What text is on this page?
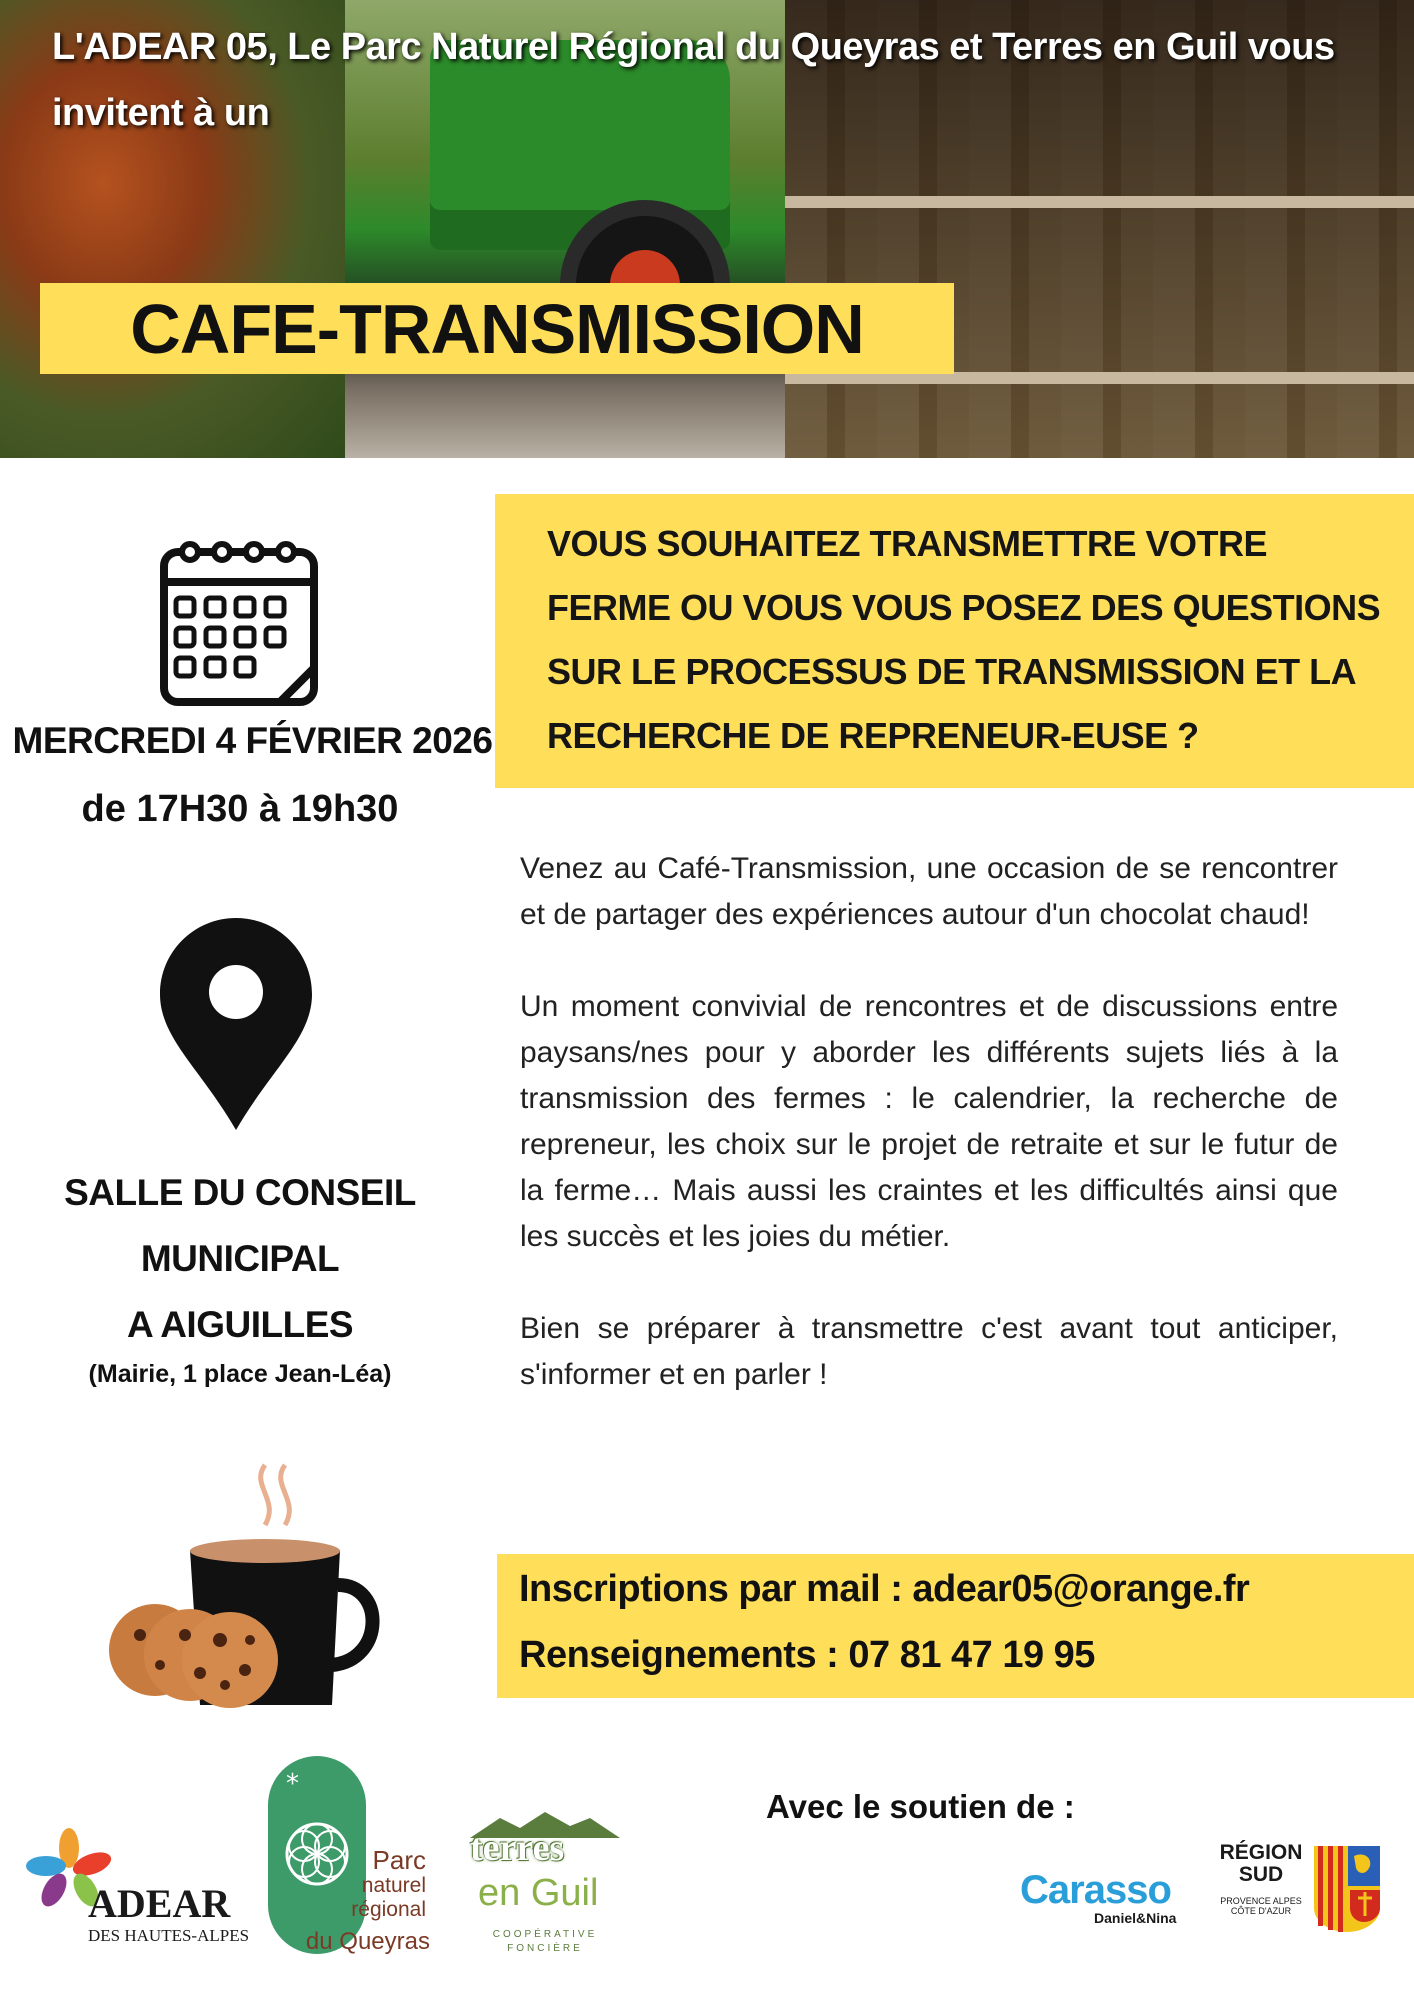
L'ADEAR 05, Le Parc Naturel Régional du Queyras et Terres en Guil vous invitent à un

CAFE-TRANSMISSION

VOUS SOUHAITEZ TRANSMETTRE VOTRE FERME OU VOUS VOUS POSEZ DES QUESTIONS SUR LE PROCESSUS DE TRANSMISSION ET LA RECHERCHE DE REPRENEUR-EUSE ?

MERCREDI 4 FÉVRIER 2026
de 17H30 à 19h30
SALLE DU CONSEIL
MUNICIPAL
A AIGUILLES
(Mairie, 1 place Jean-Léa)

Venez au Café-Transmission, une occasion de se rencontrer et de partager des expériences autour d'un chocolat chaud!

Un moment convivial de rencontres et de discussions entre paysans/nes pour y aborder les différents sujets liés à la transmission des fermes : le calendrier, la recherche de repreneur, les choix sur le projet de retraite et sur le futur de la ferme… Mais aussi les craintes et les difficultés ainsi que les succès et les joies du métier.

Bien se préparer à transmettre c'est avant tout anticiper, s'informer et en parler !

Inscriptions par mail : adear05@orange.fr
Renseignements : 07 81 47 19 95
Avec le soutien de :
ADEAR
DES HAUTES-ALPES
*
Parc
naturel
régional
du Queyras
terres
en Guil
COOPÉRATIVE FONCIÈRE
Carasso
Daniel&Nina
RÉGION
SUD
PROVENCE ALPES CÔTE D'AZUR
